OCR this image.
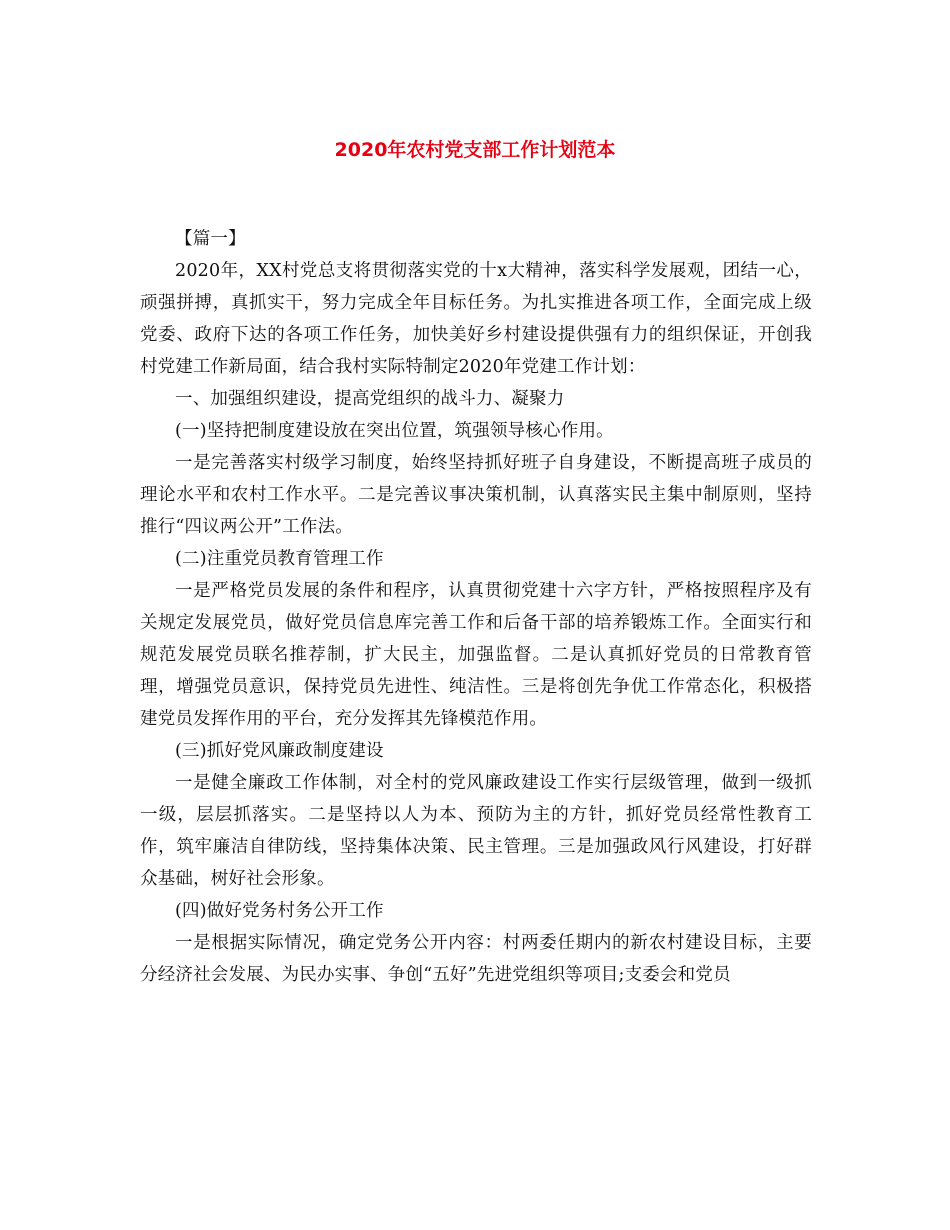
2020年农村党支部工作计划范本

【篇一】

2020年，XX村党总支将贯彻落实党的十x大精神，落实科学发展观，团结一心，顽强拼搏，真抓实干，努力完成全年目标任务。为扎实推进各项工作，全面完成上级党委、政府下达的各项工作任务，加快美好乡村建设提供强有力的组织保证，开创我村党建工作新局面，结合我村实际特制定2020年党建工作计划：

一、加强组织建设，提高党组织的战斗力、凝聚力

(一)坚持把制度建设放在突出位置，筑强领导核心作用。

一是完善落实村级学习制度，始终坚持抓好班子自身建设，不断提高班子成员的理论水平和农村工作水平。二是完善议事决策机制，认真落实民主集中制原则，坚持推行“四议两公开”工作法。

(二)注重党员教育管理工作

一是严格党员发展的条件和程序，认真贯彻党建十六字方针，严格按照程序及有关规定发展党员，做好党员信息库完善工作和后备干部的培养锻炼工作。全面实行和规范发展党员联名推荐制，扩大民主，加强监督。二是认真抓好党员的日常教育管理，增强党员意识，保持党员先进性、纯洁性。三是将创先争优工作常态化，积极搭建党员发挥作用的平台，充分发挥其先锋模范作用。

(三)抓好党风廉政制度建设

一是健全廉政工作体制，对全村的党风廉政建设工作实行层级管理，做到一级抓一级，层层抓落实。二是坚持以人为本、预防为主的方针，抓好党员经常性教育工作，筑牢廉洁自律防线，坚持集体决策、民主管理。三是加强政风行风建设，打好群众基础，树好社会形象。

(四)做好党务村务公开工作

一是根据实际情况，确定党务公开内容：村两委任期内的新农村建设目标，主要分经济社会发展、为民办实事、争创“五好”先进党组织等项目;支委会和党员
